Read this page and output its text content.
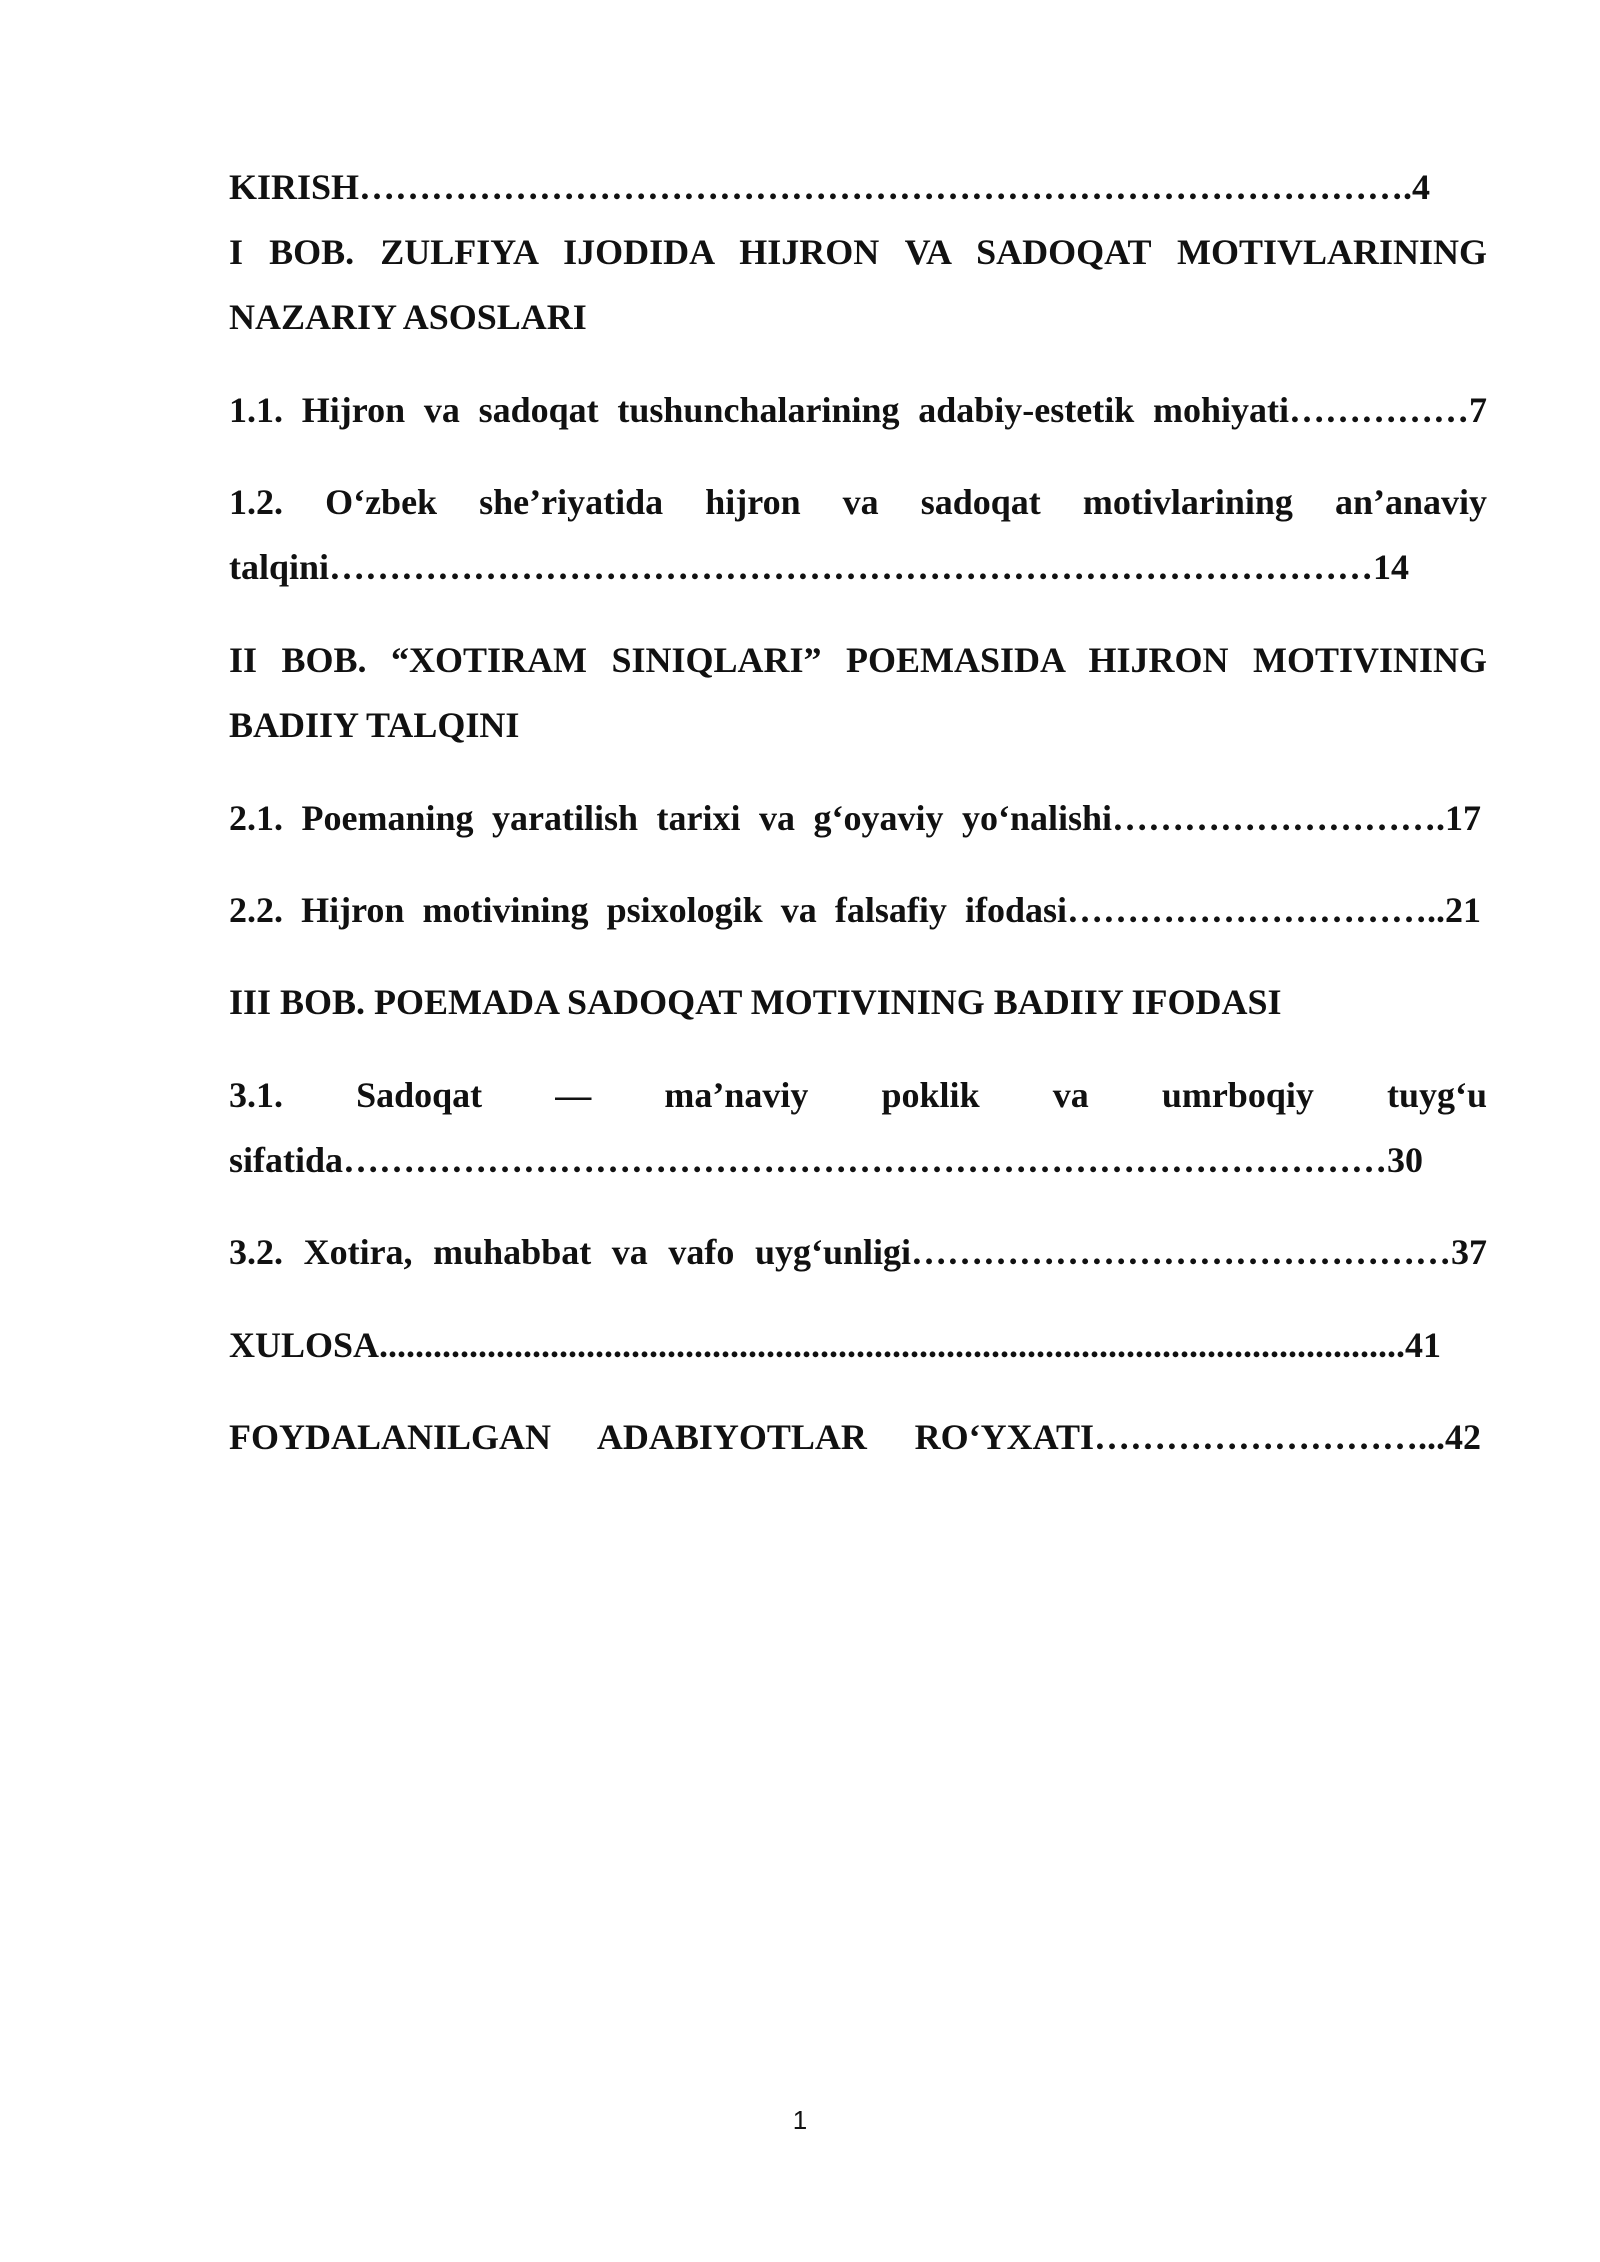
KIRISH…………………………………………………………………………….4
I BOB. ZULFIYA IJODIDA HIJRON VA SADOQAT MOTIVLARINING
NAZARIY ASOSLARI
1.1. Hijron va sadoqat tushunchalarining adabiy-estetik mohiyati……………7
1.2. O‘zbek she’riyatida hijron va sadoqat motivlarining an’anaviy
talqini……………………………………………………………………………14
II BOB. “XOTIRAM SINIQLARI” POEMASIDA HIJRON MOTIVINING
BADIIY TALQINI
2.1. Poemaning yaratilish tarixi va g‘oyaviy yo‘nalishi……………………….17
2.2. Hijron motivining psixologik va falsafiy ifodasi…………………………..21
III BOB. POEMADA SADOQAT MOTIVINING BADIIY IFODASI
3.1. Sadoqat — ma’naviy poklik va umrboqiy tuyg‘u
sifatida……………………………………………………………………………30
3.2. Xotira, muhabbat va vafo uyg‘unligi………………………………………37
XULOSA..................................................................................................................41
FOYDALANILGAN ADABIYOTLAR RO‘YXATI………………………...42
1
